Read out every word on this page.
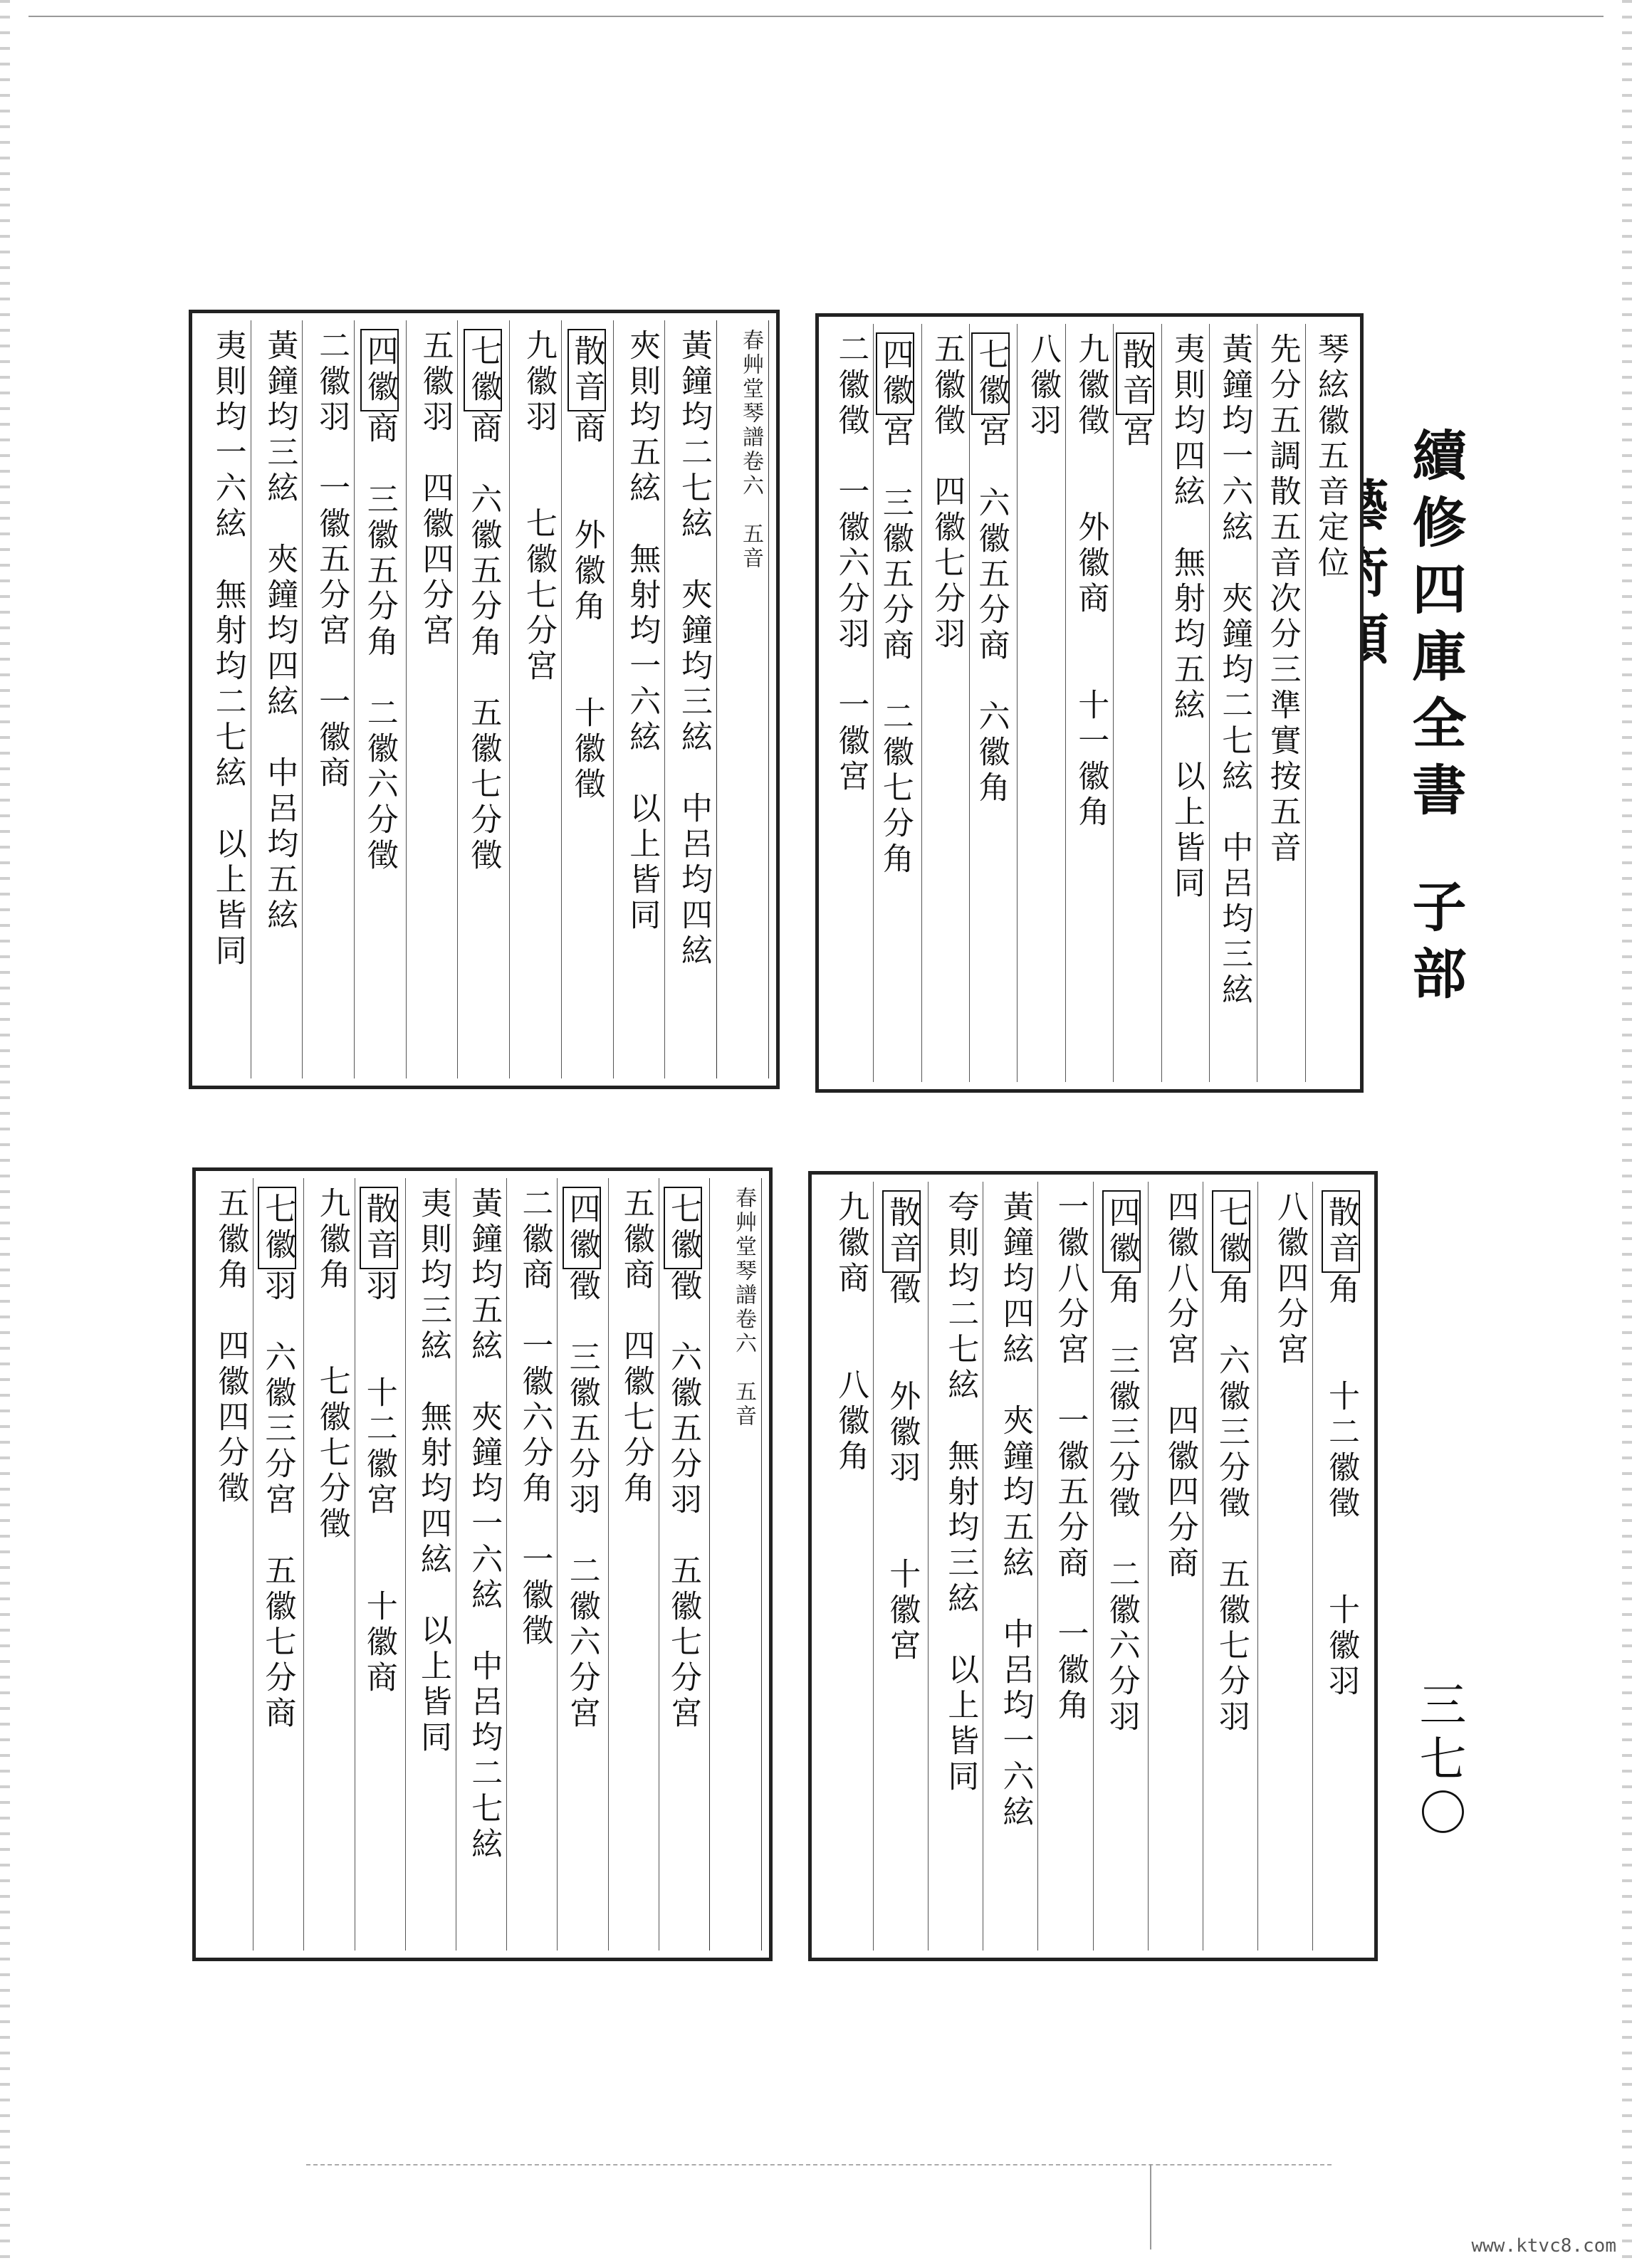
續修四庫全書子部
三七〇
琴絃徽五音定位
先分五調散五音次分三準實按五音
黃鐘均一六絃　夾鐘均二七絃　中呂均三絃
夷則均四絃　無射均五絃　以上皆同
散音宮
九徽徵　　外徽商　　十一徽角
八徽羽
七徽宮　六徽五分商　六徽角
五徽徵　四徽七分羽
四徽宮　三徽五分商　二徽七分角
二徽徵　一徽六分羽　一徽宮
春艸堂琴譜卷六　五音
黃鐘均二七絃　夾鐘均三絃　中呂均四絃
夾則均五絃　無射均一六絃　以上皆同
散音商　　外徽角　　十徽徵
九徽羽　　七徽七分宮
七徽商　六徽五分角　五徽七分徵
五徽羽　四徽四分宮
四徽商　三徽五分角　二徽六分徵
二徽羽　一徽五分宮　一徽商
黃鐘均三絃　夾鐘均四絃　中呂均五絃
夷則均一六絃　無射均二七絃　以上皆同
散音角　　十二徽徵　　十徽羽
八徽四分宮
七徽角　六徽三分徵　五徽七分羽
四徽八分宮　四徽四分商
四徽角　三徽三分徵　二徽六分羽
一徽八分宮　一徽五分商　一徽角
黃鐘均四絃　夾鐘均五絃　中呂均一六絃
夸則均二七絃　無射均三絃　以上皆同
散音徵　　外徽羽　　十徽宮
九徽商　　八徽角
春艸堂琴譜卷六　五音
七徽徵　六徽五分羽　五徽七分宮
五徽商　四徽七分角
四徽徵　三徽五分羽　二徽六分宮
二徽商　一徽六分角　一徽徵
黃鐘均五絃　夾鐘均一六絃　中呂均二七絃
夷則均三絃　無射均四絃　以上皆同
散音羽　　十二徽宮　　十徽商
九徽角　　七徽七分徵
七徽羽　六徽三分宮　五徽七分商
五徽角　四徽四分徵
www.ktvc8.com
